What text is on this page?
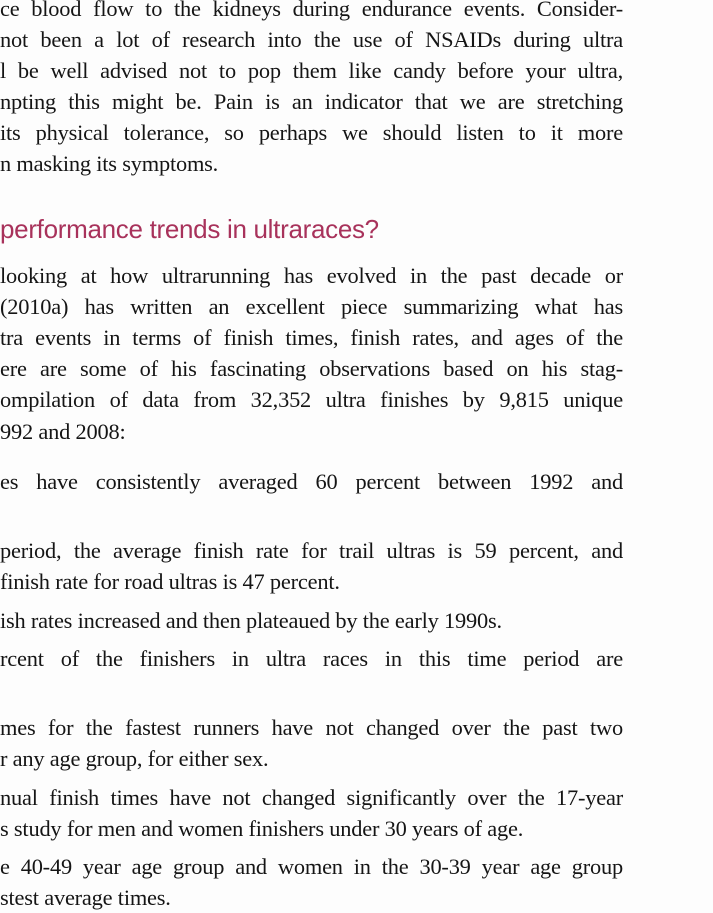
ce blood flow to the kidneys during endurance events. Consider-
not been a lot of research into the use of NSAIDs during ultra
l be well advised not to pop them like candy before your ultra,
npting this might be. Pain is an indicator that we are stretching
its physical tolerance, so perhaps we should listen to it more
n masking its symptoms.
performance trends in ultraraces?
looking at how ultrarunning has evolved in the past decade or
(2010a) has written an excellent piece summarizing what has
tra events in terms of finish times, finish rates, and ages of the
ere are some of his fascinating observations based on his stag-
ompilation of data from 32,352 ultra finishes by 9,815 unique
992 and 2008:
es have consistently averaged 60 percent between 1992 and
period, the average finish rate for trail ultras is 59 percent, and
finish rate for road ultras is 47 percent.
ish rates increased and then plateaued by the early 1990s.
rcent of the finishers in ultra races in this time period are
mes for the fastest runners have not changed over the past two
r any age group, for either sex.
nual finish times have not changed significantly over the 17-year
s study for men and women finishers under 30 years of age.
e 40-49 year age group and women in the 30-39 year age group
stest average times.
